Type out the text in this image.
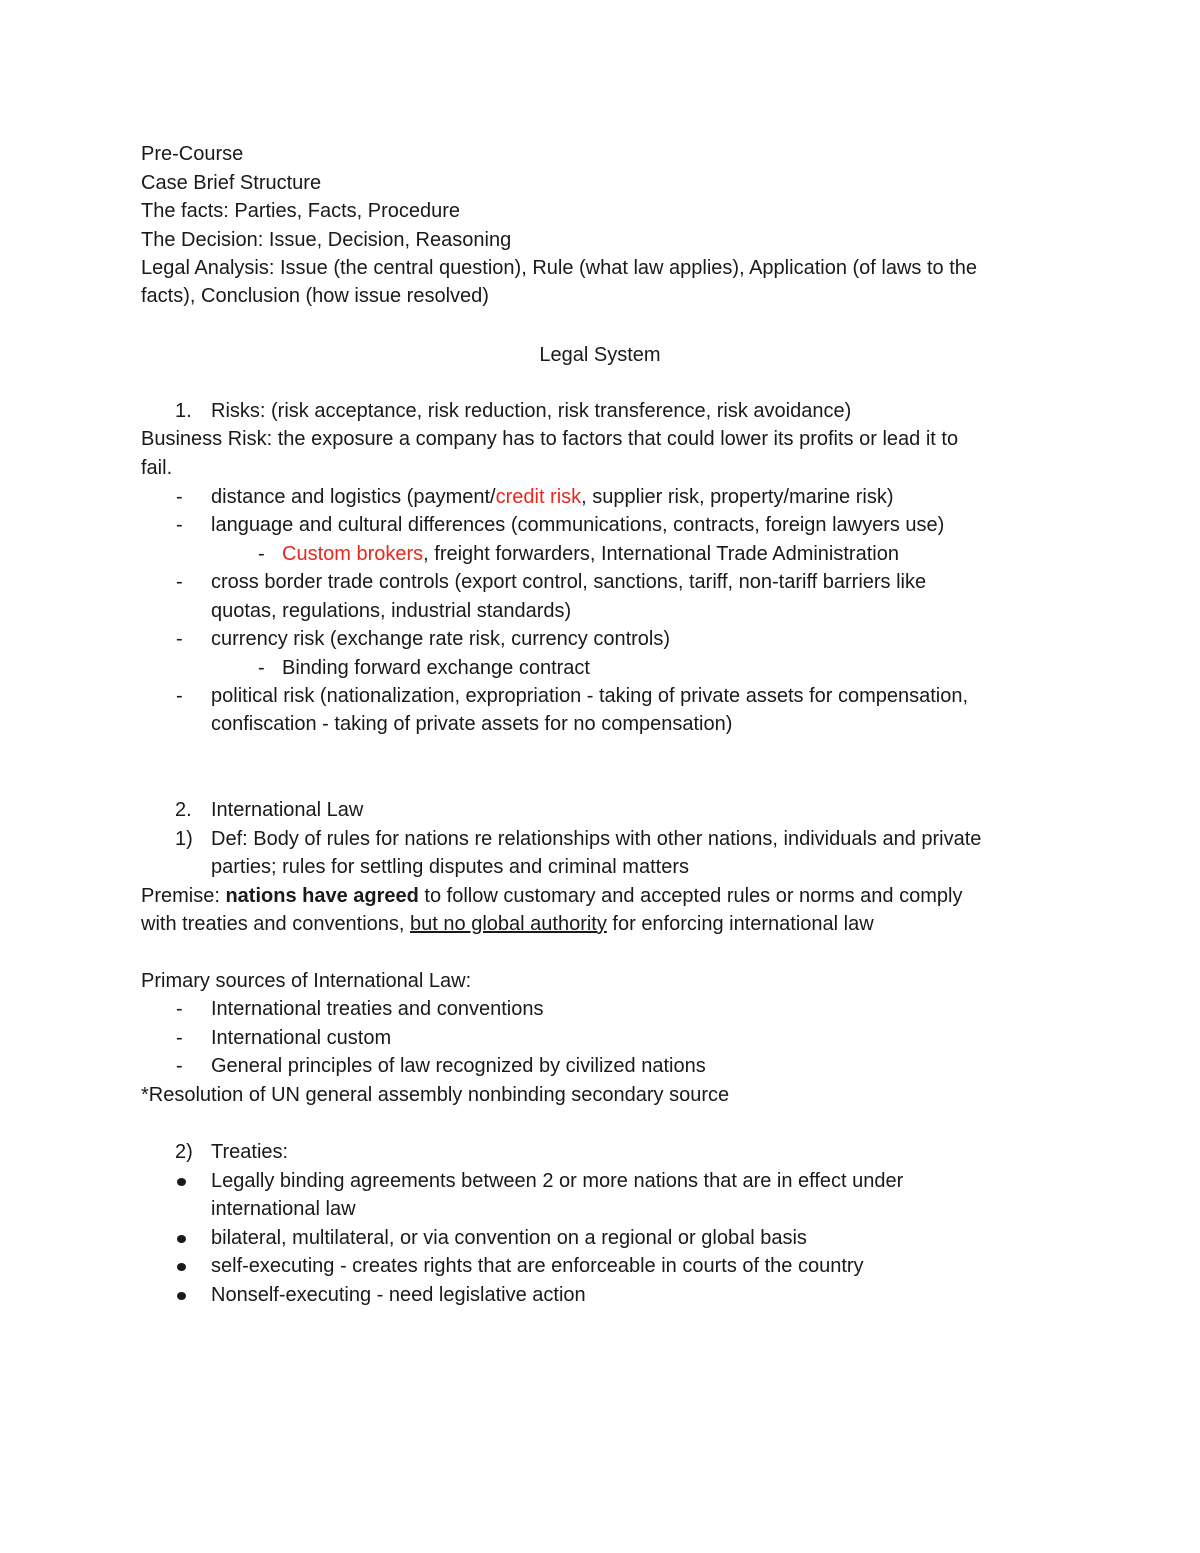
Pre-Course
Case Brief Structure
The facts: Parties, Facts, Procedure
The Decision: Issue, Decision, Reasoning
Legal Analysis: Issue (the central question), Rule (what law applies), Application (of laws to the
facts), Conclusion (how issue resolved)
Legal System
1. Risks: (risk acceptance, risk reduction, risk transference, risk avoidance)
Business Risk: the exposure a company has to factors that could lower its profits or lead it to
fail.
- distance and logistics (payment/credit risk, supplier risk, property/marine risk)
- language and cultural differences (communications, contracts, foreign lawyers use)
- Custom brokers, freight forwarders, International Trade Administration
- cross border trade controls (export control, sanctions, tariff, non-tariff barriers like
quotas, regulations, industrial standards)
- currency risk (exchange rate risk, currency controls)
- Binding forward exchange contract
- political risk (nationalization, expropriation - taking of private assets for compensation,
confiscation - taking of private assets for no compensation)
2. International Law
1) Def: Body of rules for nations re relationships with other nations, individuals and private
parties; rules for settling disputes and criminal matters
Premise: nations have agreed to follow customary and accepted rules or norms and comply
with treaties and conventions, but no global authority for enforcing international law
Primary sources of International Law:
- International treaties and conventions
- International custom
- General principles of law recognized by civilized nations
*Resolution of UN general assembly nonbinding secondary source
2) Treaties:
Legally binding agreements between 2 or more nations that are in effect under
international law
bilateral, multilateral, or via convention on a regional or global basis
self-executing - creates rights that are enforceable in courts of the country
Nonself-executing - need legislative action
